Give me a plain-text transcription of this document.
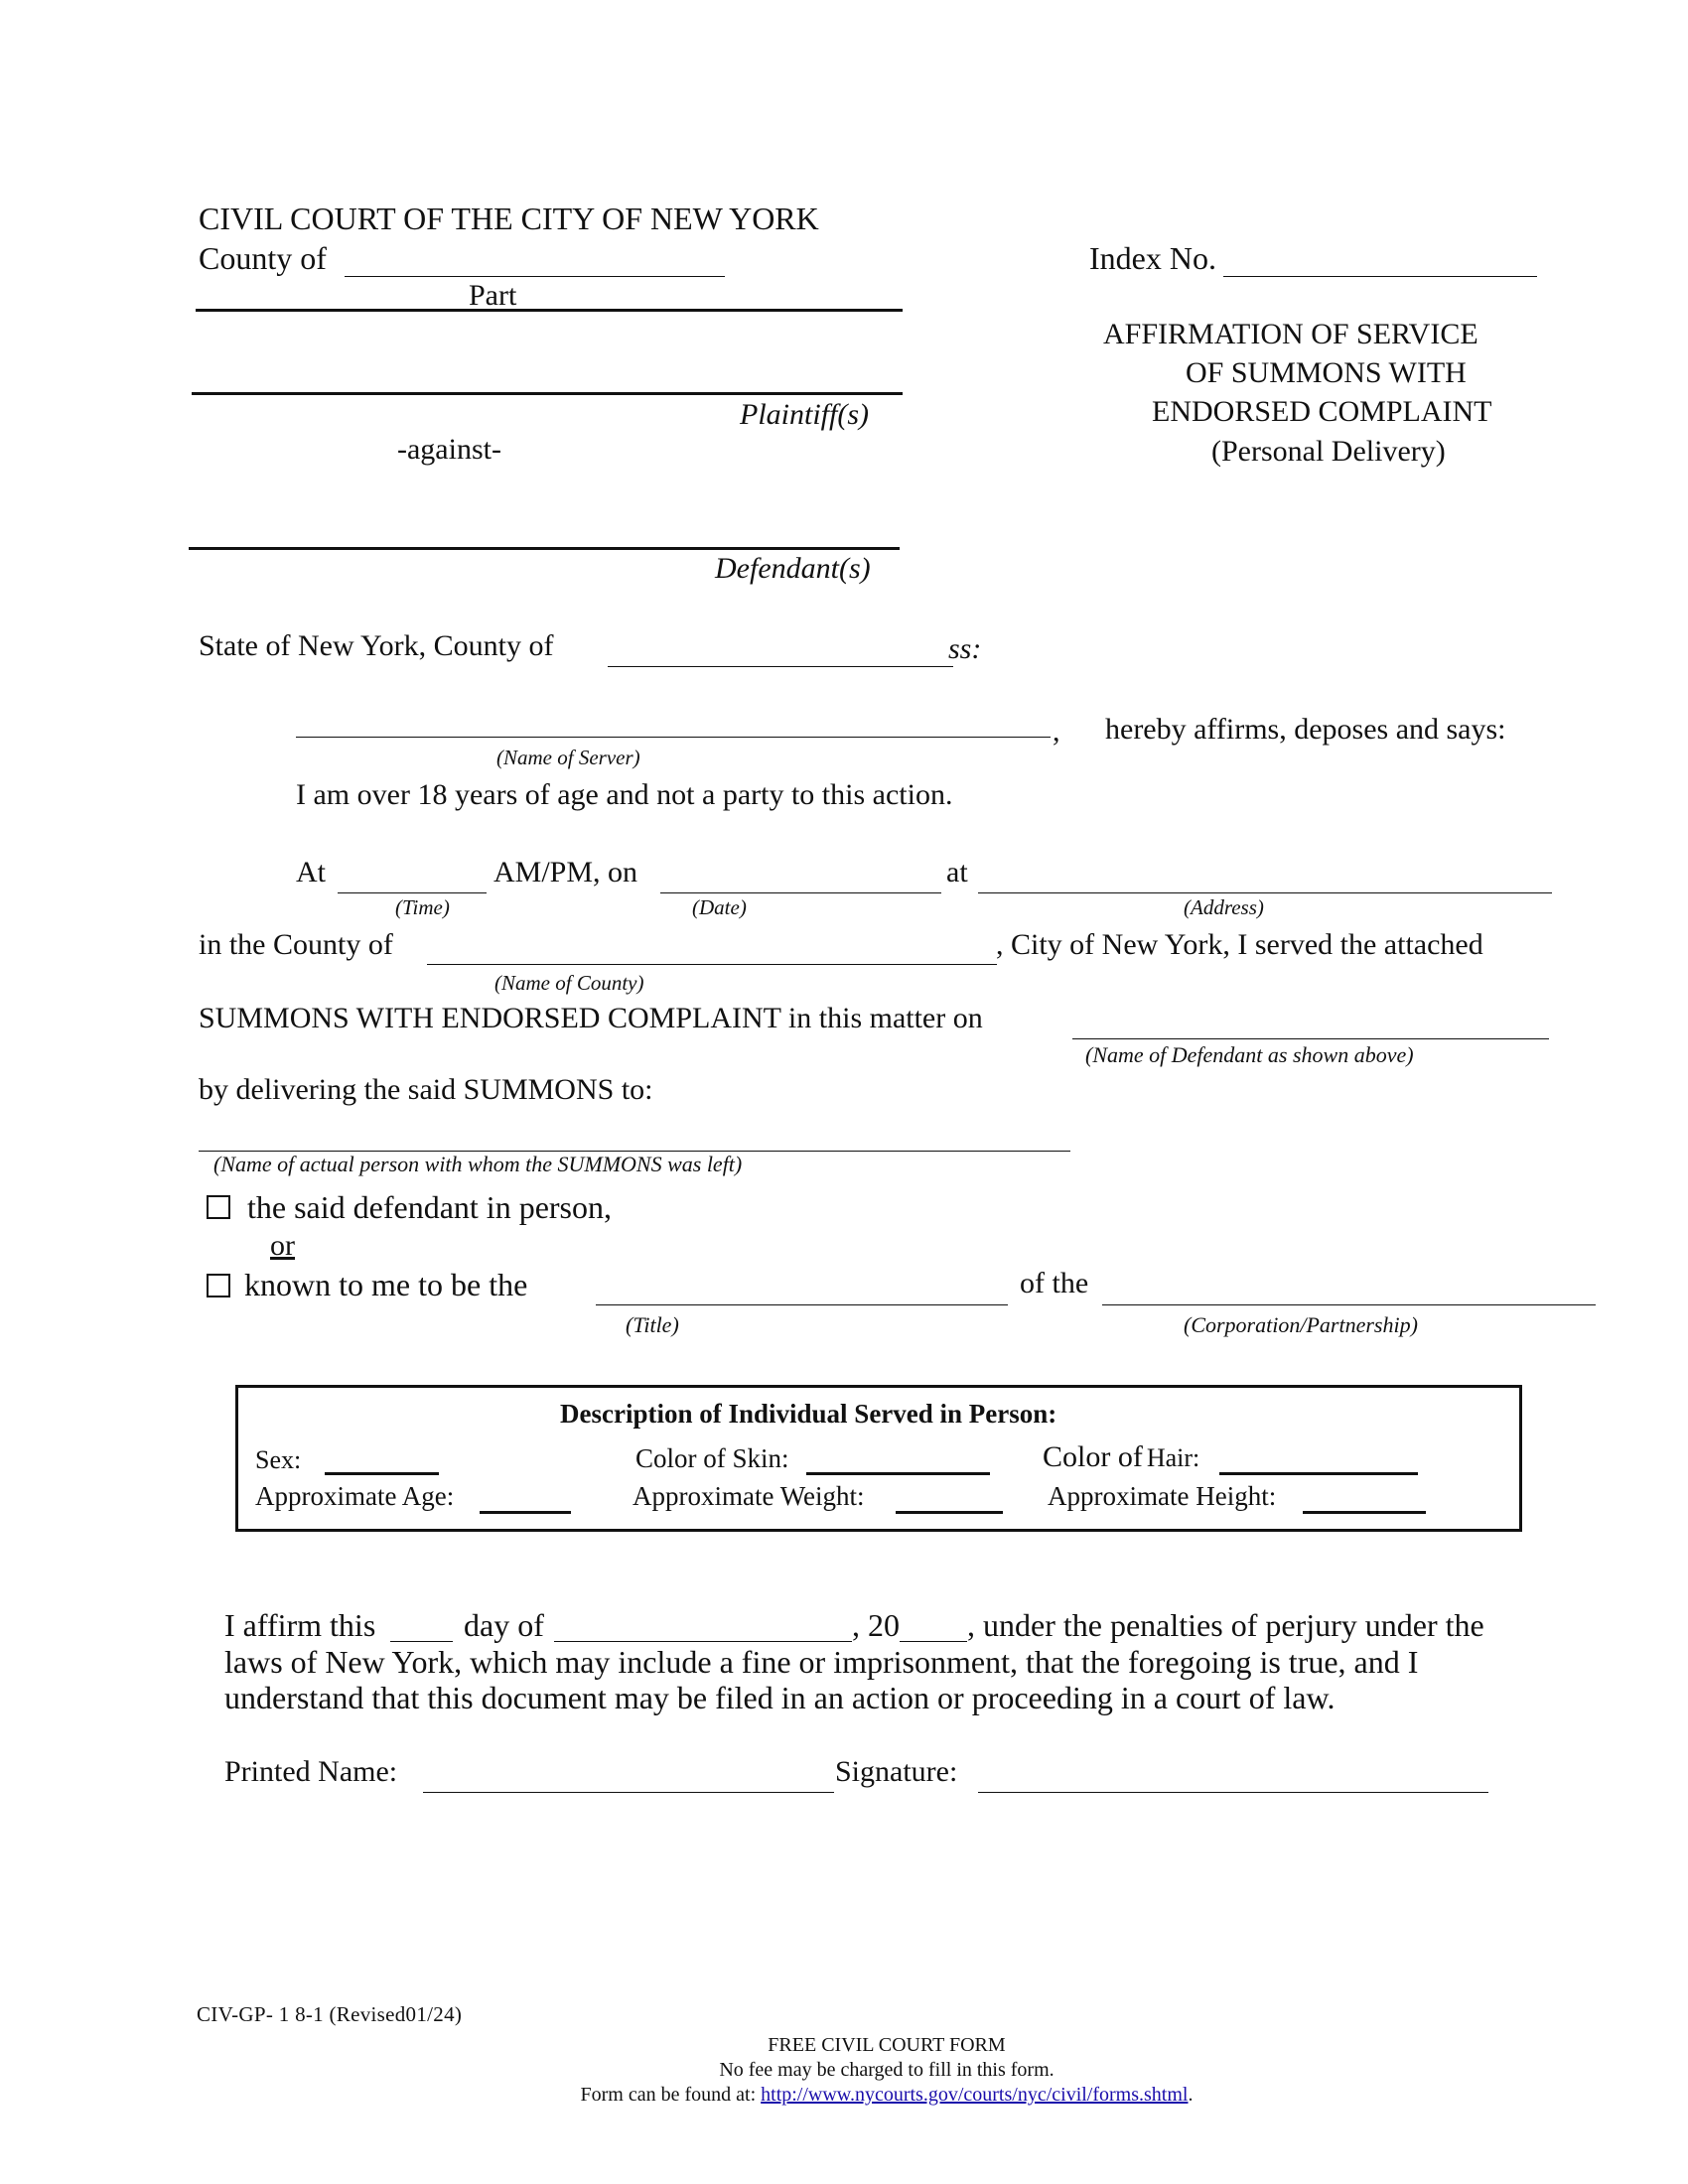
CIVIL COURT OF THE CITY OF NEW YORK
County of
Part
Index No.
Plaintiff(s)
-against-
Defendant(s)
AFFIRMATION OF SERVICE
OF SUMMONS WITH
ENDORSED COMPLAINT
(Personal Delivery)
State of New York, County of	ss:
, hereby affirms, deposes and says:
(Name of Server)
I am over 18 years of age and not a party to this action.
At	AM/PM, on	at
(Time)	(Date)	(Address)
in the County of	, City of New York, I served the attached
(Name of County)
SUMMONS WITH ENDORSED COMPLAINT in this matter on
(Name of Defendant as shown above)
by delivering the said SUMMONS to:
(Name of actual person with whom the SUMMONS was left)
the said defendant in person,
or
known to me to be the	of the
(Title)	(Corporation/Partnership)
Description of Individual Served in Person:
Sex:	Color of Skin:	Color of Hair:
Approximate Age:	Approximate Weight:	Approximate Height:
I affirm this	day of	, 20 , under the penalties of perjury under the
laws of New York, which may include a fine or imprisonment, that the foregoing is true, and I
understand that this document may be filed in an action or proceeding in a court of law.
Printed Name:	Signature:
CIV-GP- 1 8-1 (Revised01/24)
FREE CIVIL COURT FORM
No fee may be charged to fill in this form.
Form can be found at: http://www.nycourts.gov/courts/nyc/civil/forms.shtml.
